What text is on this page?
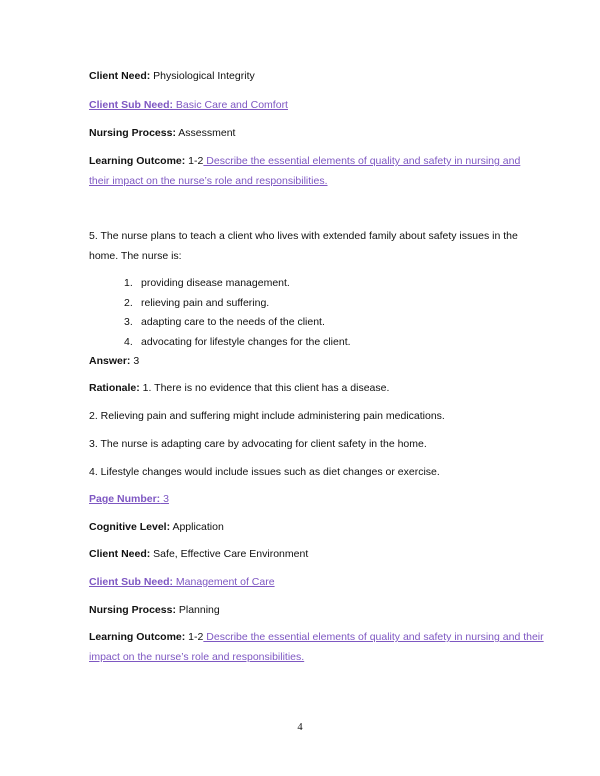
Client Need: Physiological Integrity
Client Sub Need: Basic Care and Comfort
Nursing Process: Assessment
Learning Outcome: 1-2 Describe the essential elements of quality and safety in nursing and
their impact on the nurse’s role and responsibilities.
5. The nurse plans to teach a client who lives with extended family about safety issues in the
home. The nurse is:
1. providing disease management.
2. relieving pain and suffering.
3. adapting care to the needs of the client.
4. advocating for lifestyle changes for the client.
Answer: 3
Rationale: 1. There is no evidence that this client has a disease.
2. Relieving pain and suffering might include administering pain medications.
3. The nurse is adapting care by advocating for client safety in the home.
4. Lifestyle changes would include issues such as diet changes or exercise.
Page Number: 3
Cognitive Level: Application
Client Need: Safe, Effective Care Environment
Client Sub Need: Management of Care
Nursing Process: Planning
Learning Outcome: 1-2 Describe the essential elements of quality and safety in nursing and their
impact on the nurse’s role and responsibilities.
4
